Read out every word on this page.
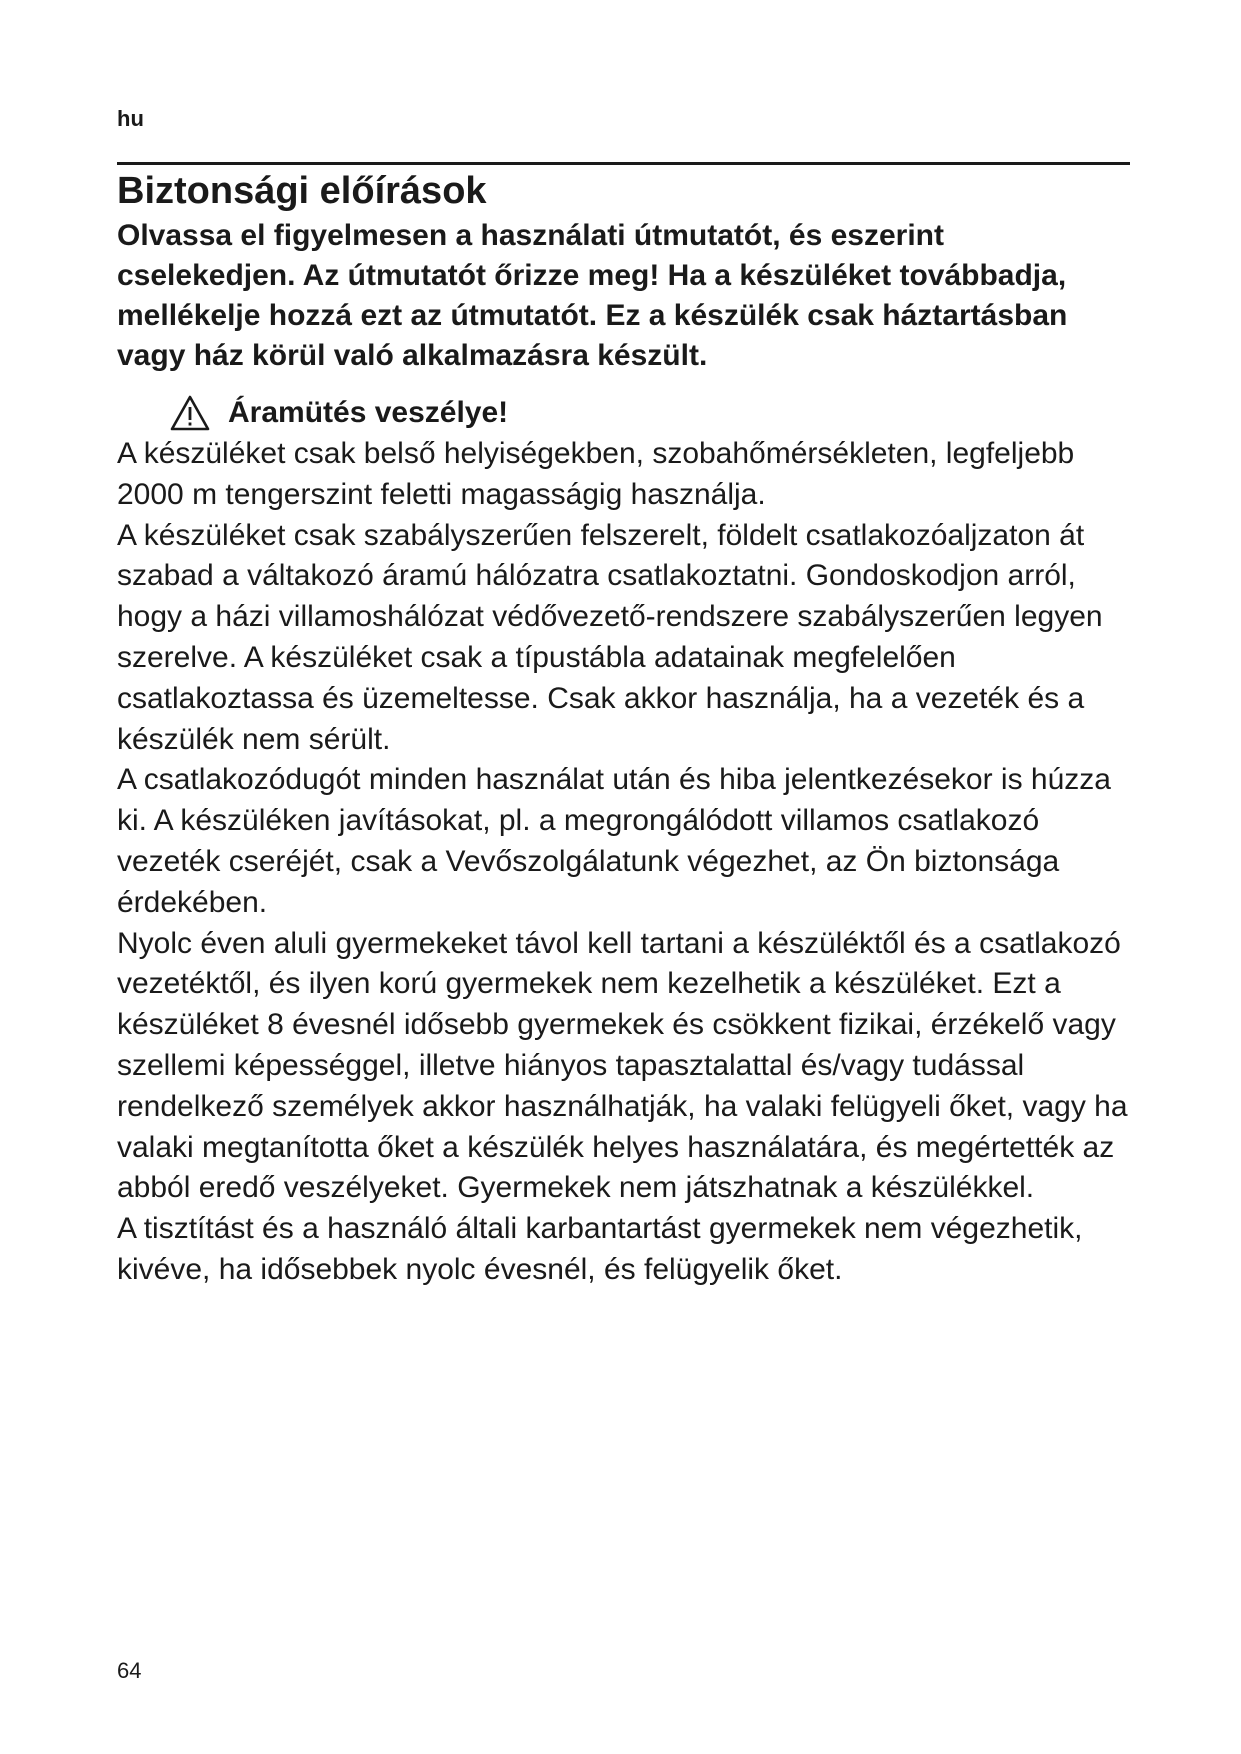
hu
Biztonsági előírások

Olvassa el figyelmesen a használati útmutatót, és eszerint cselekedjen. Az útmutatót őrizze meg! Ha a készüléket továbbadja, mellékelje hozzá ezt az útmutatót. Ez a készülék csak háztartásban vagy ház körül való alkalmazásra készült.

Áramütés veszélye!

A készüléket csak belső helyiségekben, szobahőmérsékleten, legfeljebb 2000 m tengerszint feletti magasságig használja.

A készüléket csak szabályszerűen felszerelt, földelt csatlakozóaljzaton át szabad a váltakozó áramú hálózatra csatlakoztatni. Gondoskodjon arról, hogy a házi villamoshálózat védővezető-rendszere szabályszerűen legyen szerelve. A készüléket csak a típustábla adatainak megfelelően csatlakoztassa és üzemeltesse. Csak akkor használja, ha a vezeték és a készülék nem sérült.

A csatlakozódugót minden használat után és hiba jelentkezésekor is húzza ki. A készüléken javításokat, pl. a megrongálódott villamos csatlakozó vezeték cseréjét, csak a Vevőszolgálatunk végezhet, az Ön biztonsága érdekében.

Nyolc éven aluli gyermekeket távol kell tartani a készüléktől és a csatlakozó vezetéktől, és ilyen korú gyermekek nem kezelhetik a készüléket. Ezt a készüléket 8 évesnél idősebb gyermekek és csökkent fizikai, érzékelő vagy szellemi képességgel, illetve hiányos tapasztalattal és/vagy tudással rendelkező személyek akkor használhatják, ha valaki felügyeli őket, vagy ha valaki megtanította őket a készülék helyes használatára, és megértették az abból eredő veszélyeket. Gyermekek nem játszhatnak a készülékkel.

A tisztítást és a használó általi karbantartást gyermekek nem végezhetik, kivéve, ha idősebbek nyolc évesnél, és felügyelik őket.

64
